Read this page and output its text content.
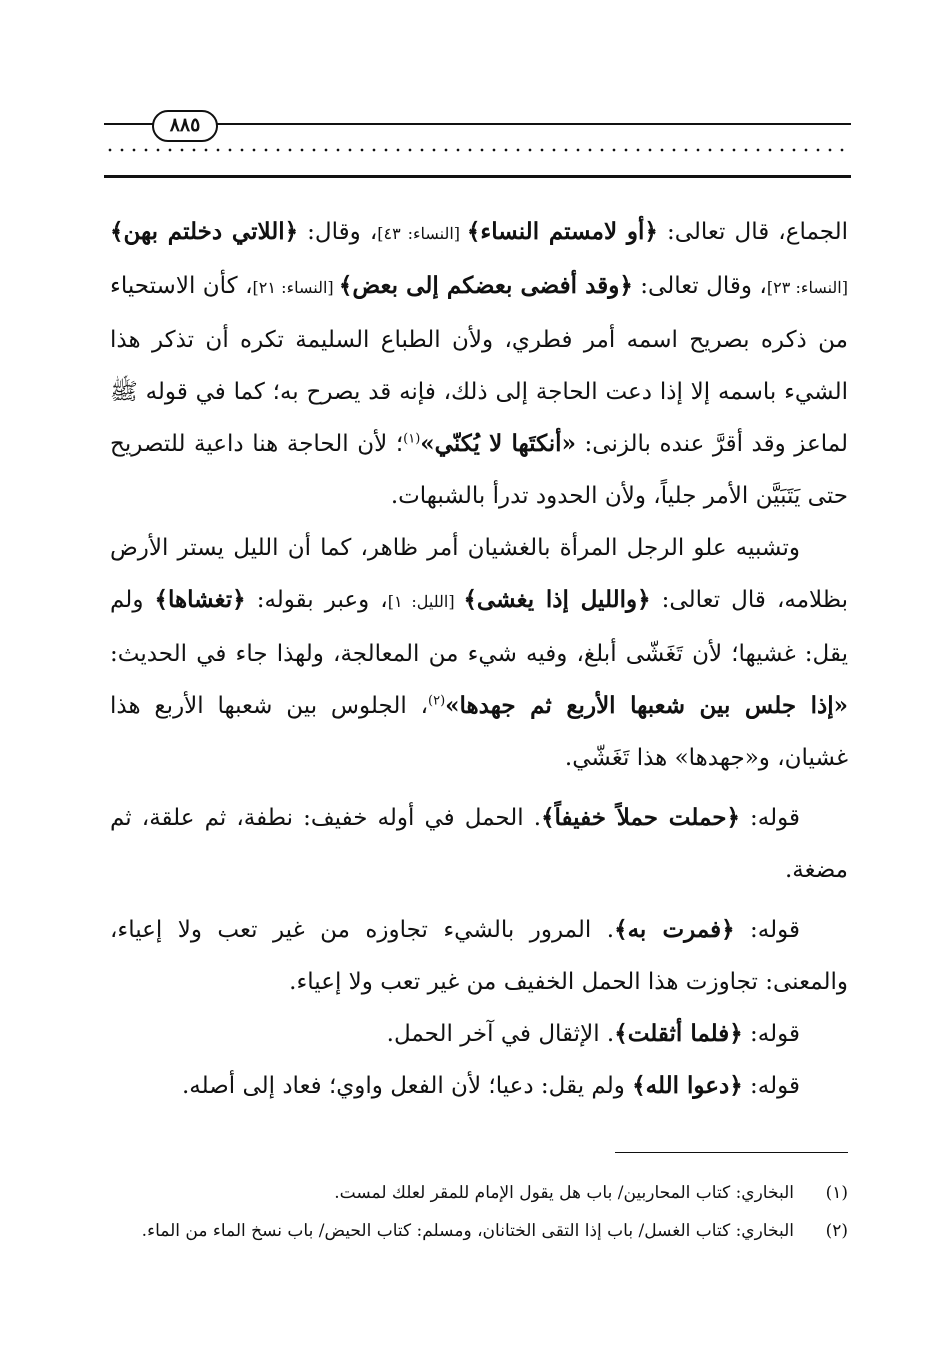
٨٨٥

الجماع، قال تعالى: ﴿أو لامستم النساء﴾ [النساء: ٤٣]، وقال: ﴿اللاتي دخلتم بهن﴾ [النساء: ٢٣]، وقال تعالى: ﴿وقد أفضى بعضكم إلى بعض﴾ [النساء: ٢١]، كأن الاستحياء من ذكره بصريح اسمه أمر فطري، ولأن الطباع السليمة تكره أن تذكر هذا الشيء باسمه إلا إذا دعت الحاجة إلى ذلك، فإنه قد يصرح به؛ كما في قوله ﷺ لماعز وقد أقرَّ عنده بالزنى: «أنكتَها لا يُكنّي»$^{(١)}$؛ لأن الحاجة هنا داعية للتصريح حتى يَتَبَيَّن الأمر جلياً، ولأن الحدود تدرأ بالشبهات.

وتشبيه علو الرجل المرأة بالغشيان أمر ظاهر، كما أن الليل يستر الأرض بظلامه، قال تعالى: ﴿والليل إذا يغشى﴾ [الليل: ١]، وعبر بقوله: ﴿تغشاها﴾ ولم يقل: غشيها؛ لأن تَغَشّى أبلغ، وفيه شيء من المعالجة، ولهذا جاء في الحديث: «إذا جلس بين شعبها الأربع ثم جهدها»$^{(٢)}$، الجلوس بين شعبها الأربع هذا غشيان، و«جهدها» هذا تَغَشّي.

قوله: ﴿حملت حملاً خفيفاً﴾. الحمل في أوله خفيف: نطفة، ثم علقة، ثم مضغة.

قوله: ﴿فمرت به﴾. المرور بالشيء تجاوزه من غير تعب ولا إعياء، والمعنى: تجاوزت هذا الحمل الخفيف من غير تعب ولا إعياء.

قوله: ﴿فلما أثقلت﴾. الإثقال في آخر الحمل.

قوله: ﴿دعوا الله﴾ ولم يقل: دعيا؛ لأن الفعل واوي؛ فعاد إلى أصله.

(١)
البخاري: كتاب المحاربين/ باب هل يقول الإمام للمقر لعلك لمست.
(٢)
البخاري: كتاب الغسل/ باب إذا التقى الختانان، ومسلم: كتاب الحيض/ باب نسخ الماء من الماء.
